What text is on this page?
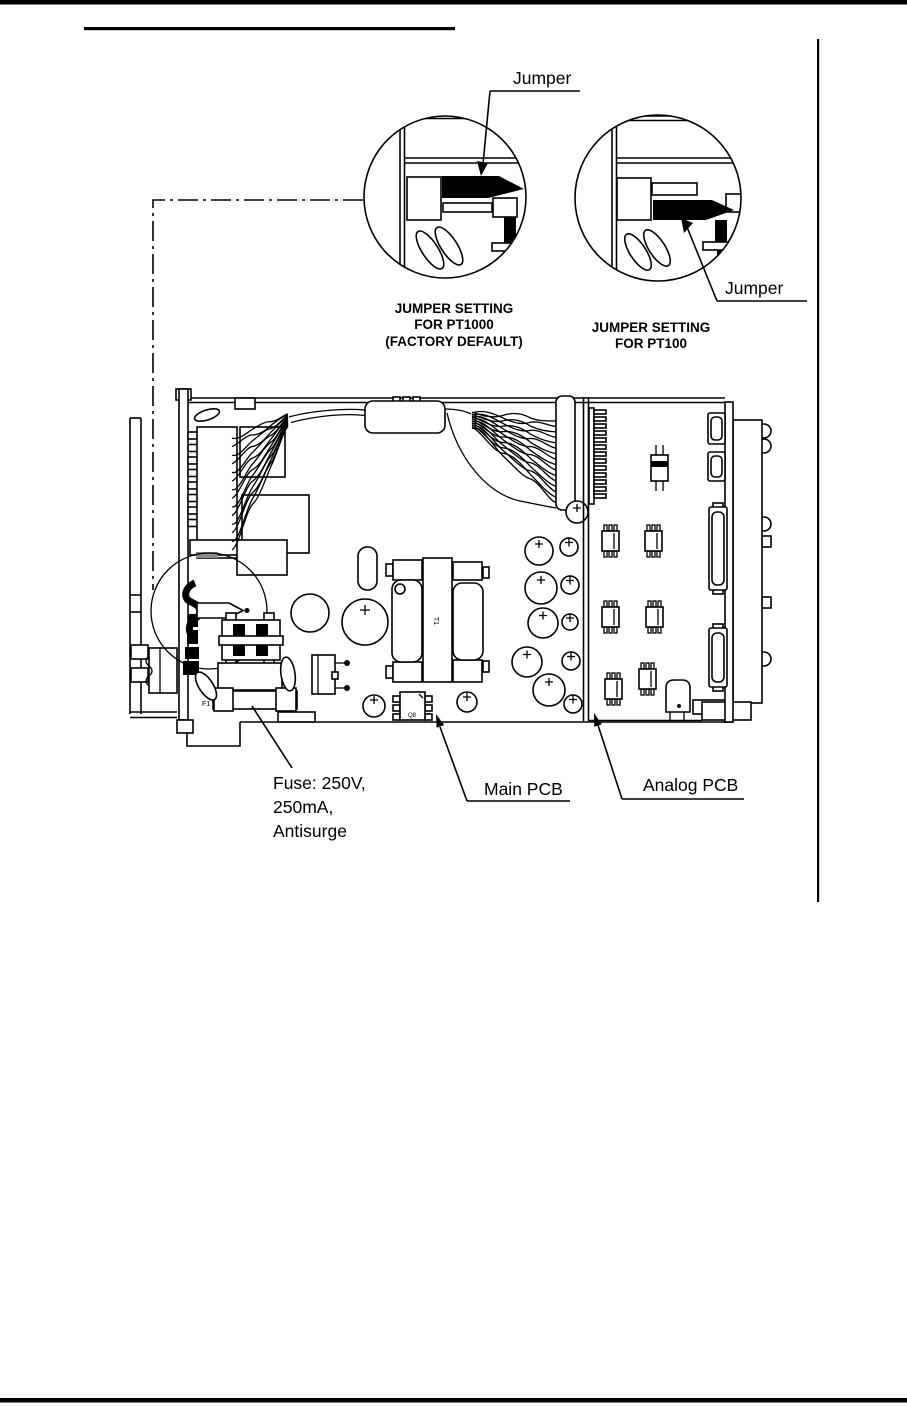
Jumper
Jumper
JUMPER SETTING
FOR PT1000
(FACTORY DEFAULT)
JUMPER SETTING
FOR PT100
Fuse: 250V,
250mA,
Antisurge
Main PCB	Analog PCB
F1
T1
Q8
